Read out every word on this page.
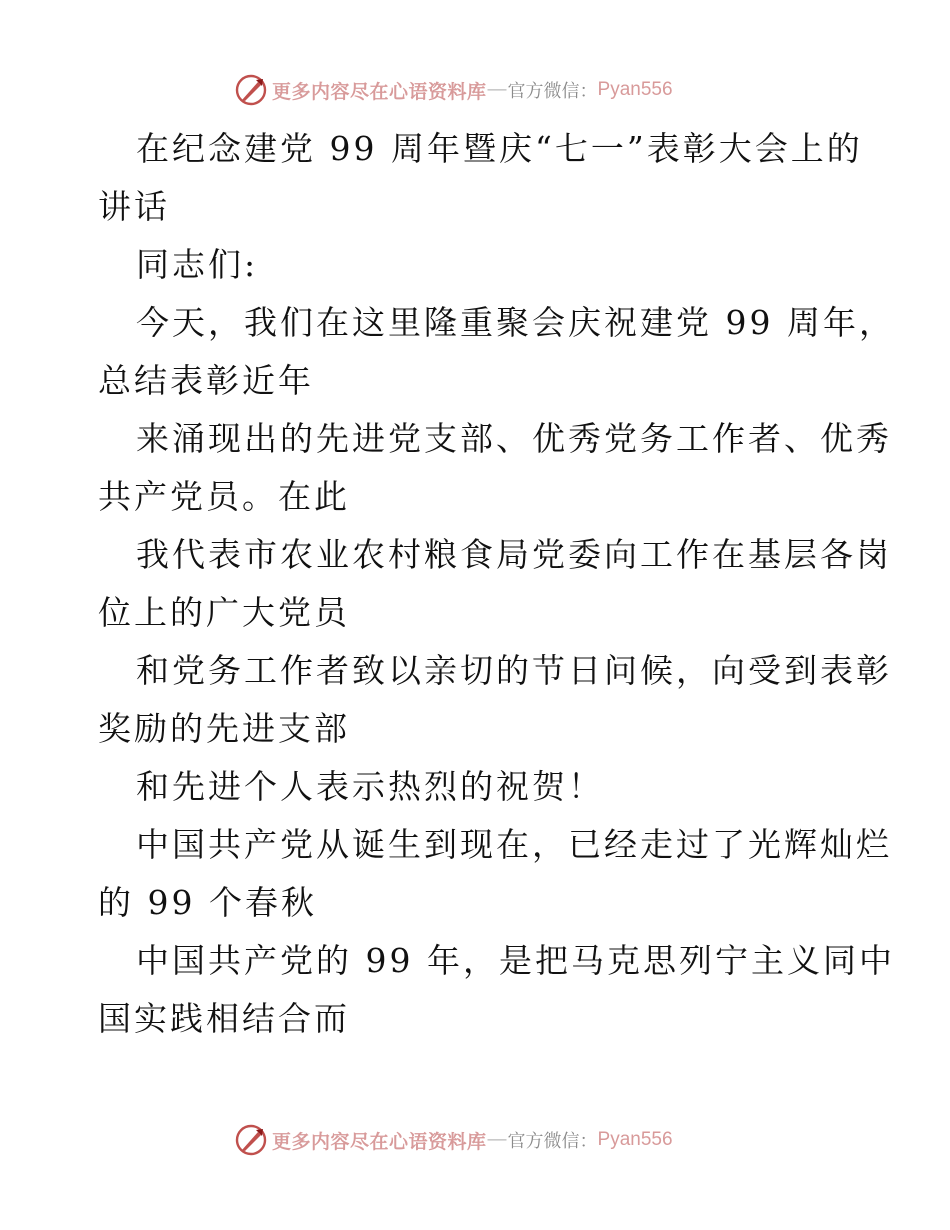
更多内容尽在心语资料库 — 官方微信： Pyan556
在纪念建党 99 周年暨庆“七一”表彰大会上的
讲话
同志们:
今天，我们在这里隆重聚会庆祝建党 99 周年，
总结表彰近年
来涌现出的先进党支部、优秀党务工作者、优秀
共产党员。在此
我代表市农业农村粮食局党委向工作在基层各岗
位上的广大党员
和党务工作者致以亲切的节日问候，向受到表彰
奖励的先进支部
和先进个人表示热烈的祝贺！
中国共产党从诞生到现在，已经走过了光辉灿烂
的 99 个春秋
中国共产党的 99 年，是把马克思列宁主义同中
国实践相结合而
更多内容尽在心语资料库 — 官方微信： Pyan556
